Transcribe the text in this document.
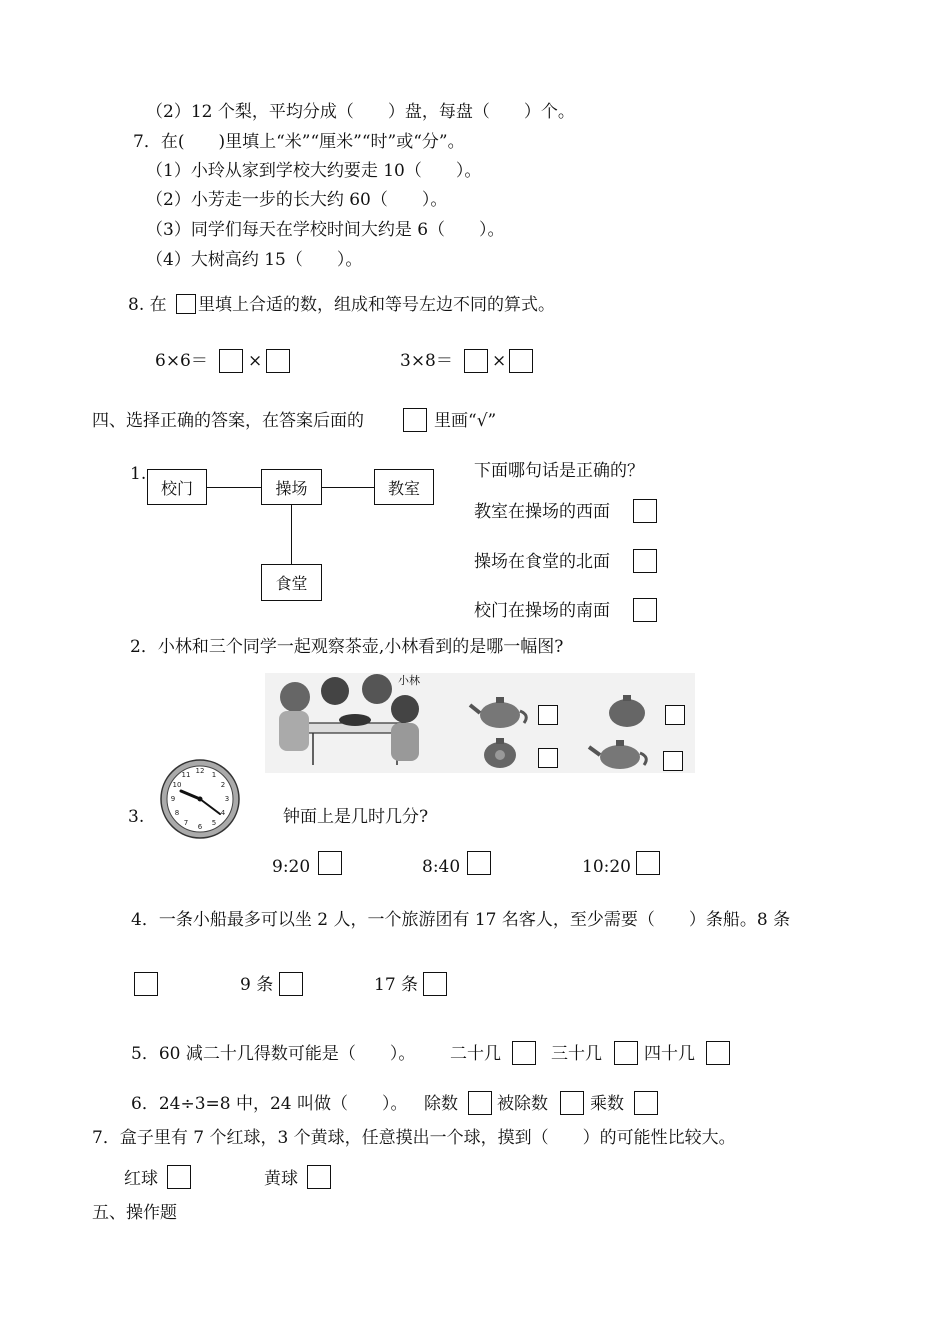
（2）12 个梨，平均分成（　　）盘，每盘（　　）个。
7．在(　　)里填上“米”“厘米”“时”或“分”。
（1）小玲从家到学校大约要走 10（　　）。
（2）小芳走一步的长大约 60（　　）。
（3）同学们每天在学校时间大约是 6（　　）。
（4）大树高约 15（　　）。
8. 在 里填上合适的数，组成和等号左边不同的算式。
6×6＝ ×	3×8＝ ×
四、选择正确的答案，在答案后面的	里画“√”
1.
校门	操场	教室
食堂
下面哪句话是正确的？
教室在操场的西面
操场在食堂的北面
校门在操场的南面
2．小林和三个同学一起观察茶壶,小林看到的是哪一幅图?
小林
3.
12 1
2
3
4
5
6
7
8
9
10
11
钟面上是几时几分?
9:20	8:40	10:20
4．一条小船最多可以坐 2 人，一个旅游团有 17 名客人，至少需要（　　）条船。8 条
9 条	17 条
5．60 减二十几得数可能是（　　）。 二十几	三十几 四十几
6．24÷3=8 中，24 叫做（　　）。 除数 被除数 乘数
7．盒子里有 7 个红球，3 个黄球，任意摸出一个球，摸到（　　）的可能性比较大。
红球	黄球
五、操作题
